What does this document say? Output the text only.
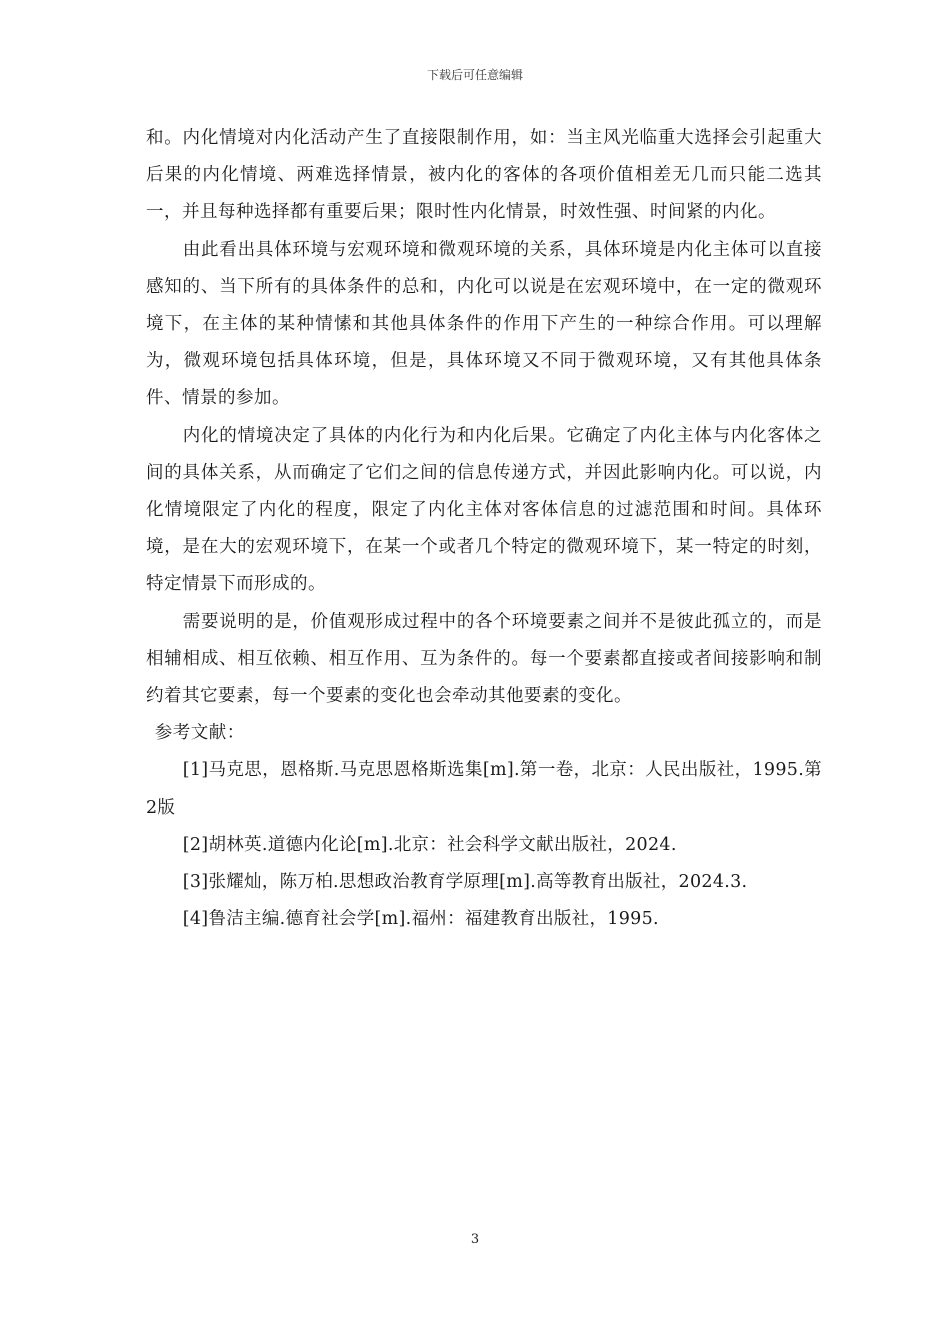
下载后可任意编辑

和。内化情境对内化活动产生了直接限制作用，如：当主风光临重大选择会引起重大后果的内化情境、两难选择情景，被内化的客体的各项价值相差无几而只能二选其一，并且每种选择都有重要后果；限时性内化情景，时效性强、时间紧的内化。

由此看出具体环境与宏观环境和微观环境的关系，具体环境是内化主体可以直接感知的、当下所有的具体条件的总和，内化可以说是在宏观环境中，在一定的微观环境下，在主体的某种情愫和其他具体条件的作用下产生的一种综合作用。可以理解为，微观环境包括具体环境，但是，具体环境又不同于微观环境，又有其他具体条件、情景的参加。

内化的情境决定了具体的内化行为和内化后果。它确定了内化主体与内化客体之间的具体关系，从而确定了它们之间的信息传递方式，并因此影响内化。可以说，内化情境限定了内化的程度，限定了内化主体对客体信息的过滤范围和时间。具体环境，是在大的宏观环境下，在某一个或者几个特定的微观环境下，某一特定的时刻，特定情景下而形成的。

需要说明的是，价值观形成过程中的各个环境要素之间并不是彼此孤立的，而是相辅相成、相互依赖、相互作用、互为条件的。每一个要素都直接或者间接影响和制约着其它要素，每一个要素的变化也会牵动其他要素的变化。

参考文献：

[1]马克思，恩格斯.马克思恩格斯选集[m].第一卷，北京：人民出版社，1995.第2版

[2]胡林英.道德内化论[m].北京：社会科学文献出版社，2024.

[3]张耀灿，陈万柏.思想政治教育学原理[m].高等教育出版社，2024.3.

[4]鲁洁主编.德育社会学[m].福州：福建教育出版社，1995.

3
